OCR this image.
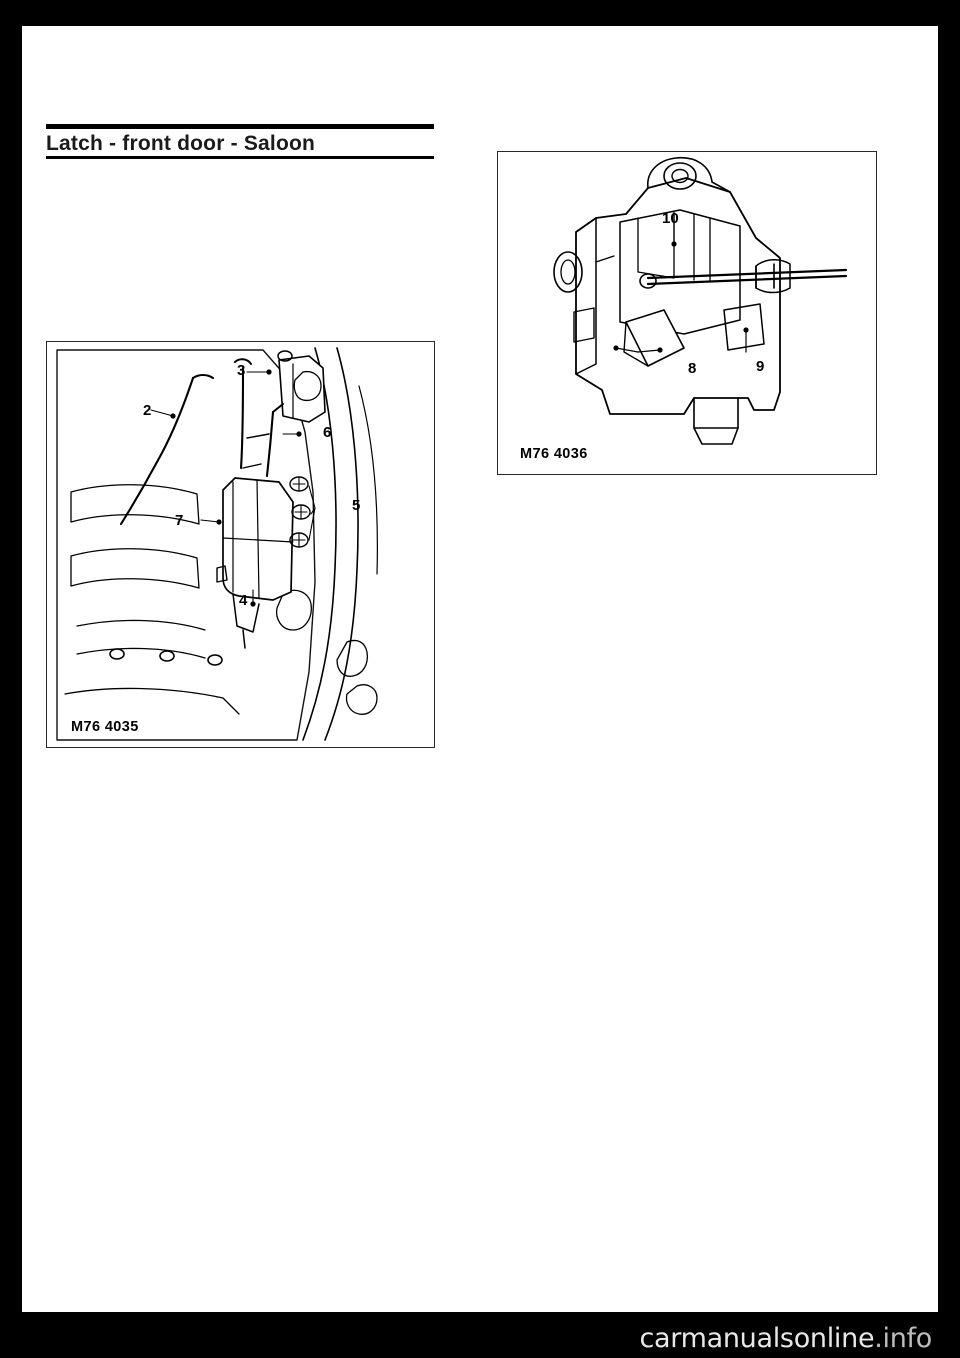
Latch - front door - Saloon
2
3
6
7
5
4
M76 4035
10
8	9
M76 4036
carmanualsonline.info
